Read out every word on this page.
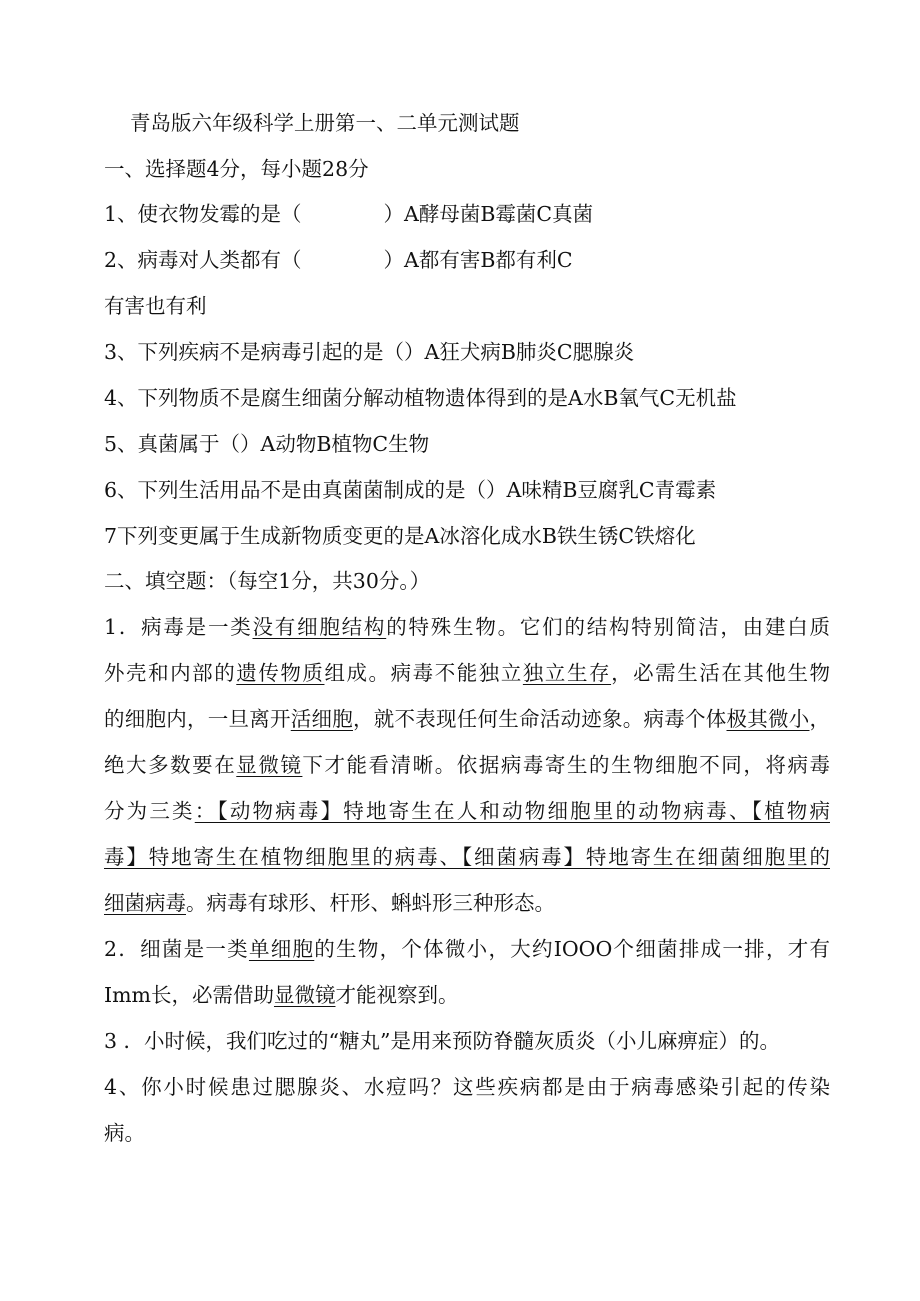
青岛版六年级科学上册第一、二单元测试题
一、选择题4分，每小题28分
1、使衣物发霉的是（　　　　）A酵母菌B霉菌C真菌
2、病毒对人类都有（　　　　）A都有害B都有利C
有害也有利
3、下列疾病不是病毒引起的是（）A狂犬病B肺炎C腮腺炎
4、下列物质不是腐生细菌分解动植物遗体得到的是A水B氧气C无机盐
5、真菌属于（）A动物B植物C生物
6、下列生活用品不是由真菌菌制成的是（）A味精B豆腐乳C青霉素
7下列变更属于生成新物质变更的是A冰溶化成水B铁生锈C铁熔化
二、填空题：（每空1分，共30分。）
1．病毒是一类没有细胞结构的特殊生物。它们的结构特别简洁，由建白质
外壳和内部的遗传物质组成。病毒不能独立独立生存，必需生活在其他生物
的细胞内，一旦离开活细胞，就不表现任何生命活动迹象。病毒个体极其微小，
绝大多数要在显微镜下才能看清晰。依据病毒寄生的生物细胞不同，将病毒
分为三类：【动物病毒】特地寄生在人和动物细胞里的动物病毒、【植物病
毒】特地寄生在植物细胞里的病毒、【细菌病毒】特地寄生在细菌细胞里的
细菌病毒。病毒有球形、杆形、蝌蚪形三种形态。
2．细菌是一类单细胞的生物，个体微小，大约IOOO个细菌排成一排，才有
Imm长，必需借助显微镜才能视察到。
3 ．小时候，我们吃过的“糖丸”是用来预防脊髓灰质炎（小儿麻痹症）的。
4、你小时候患过腮腺炎、水痘吗？这些疾病都是由于病毒感染引起的传染
病。
